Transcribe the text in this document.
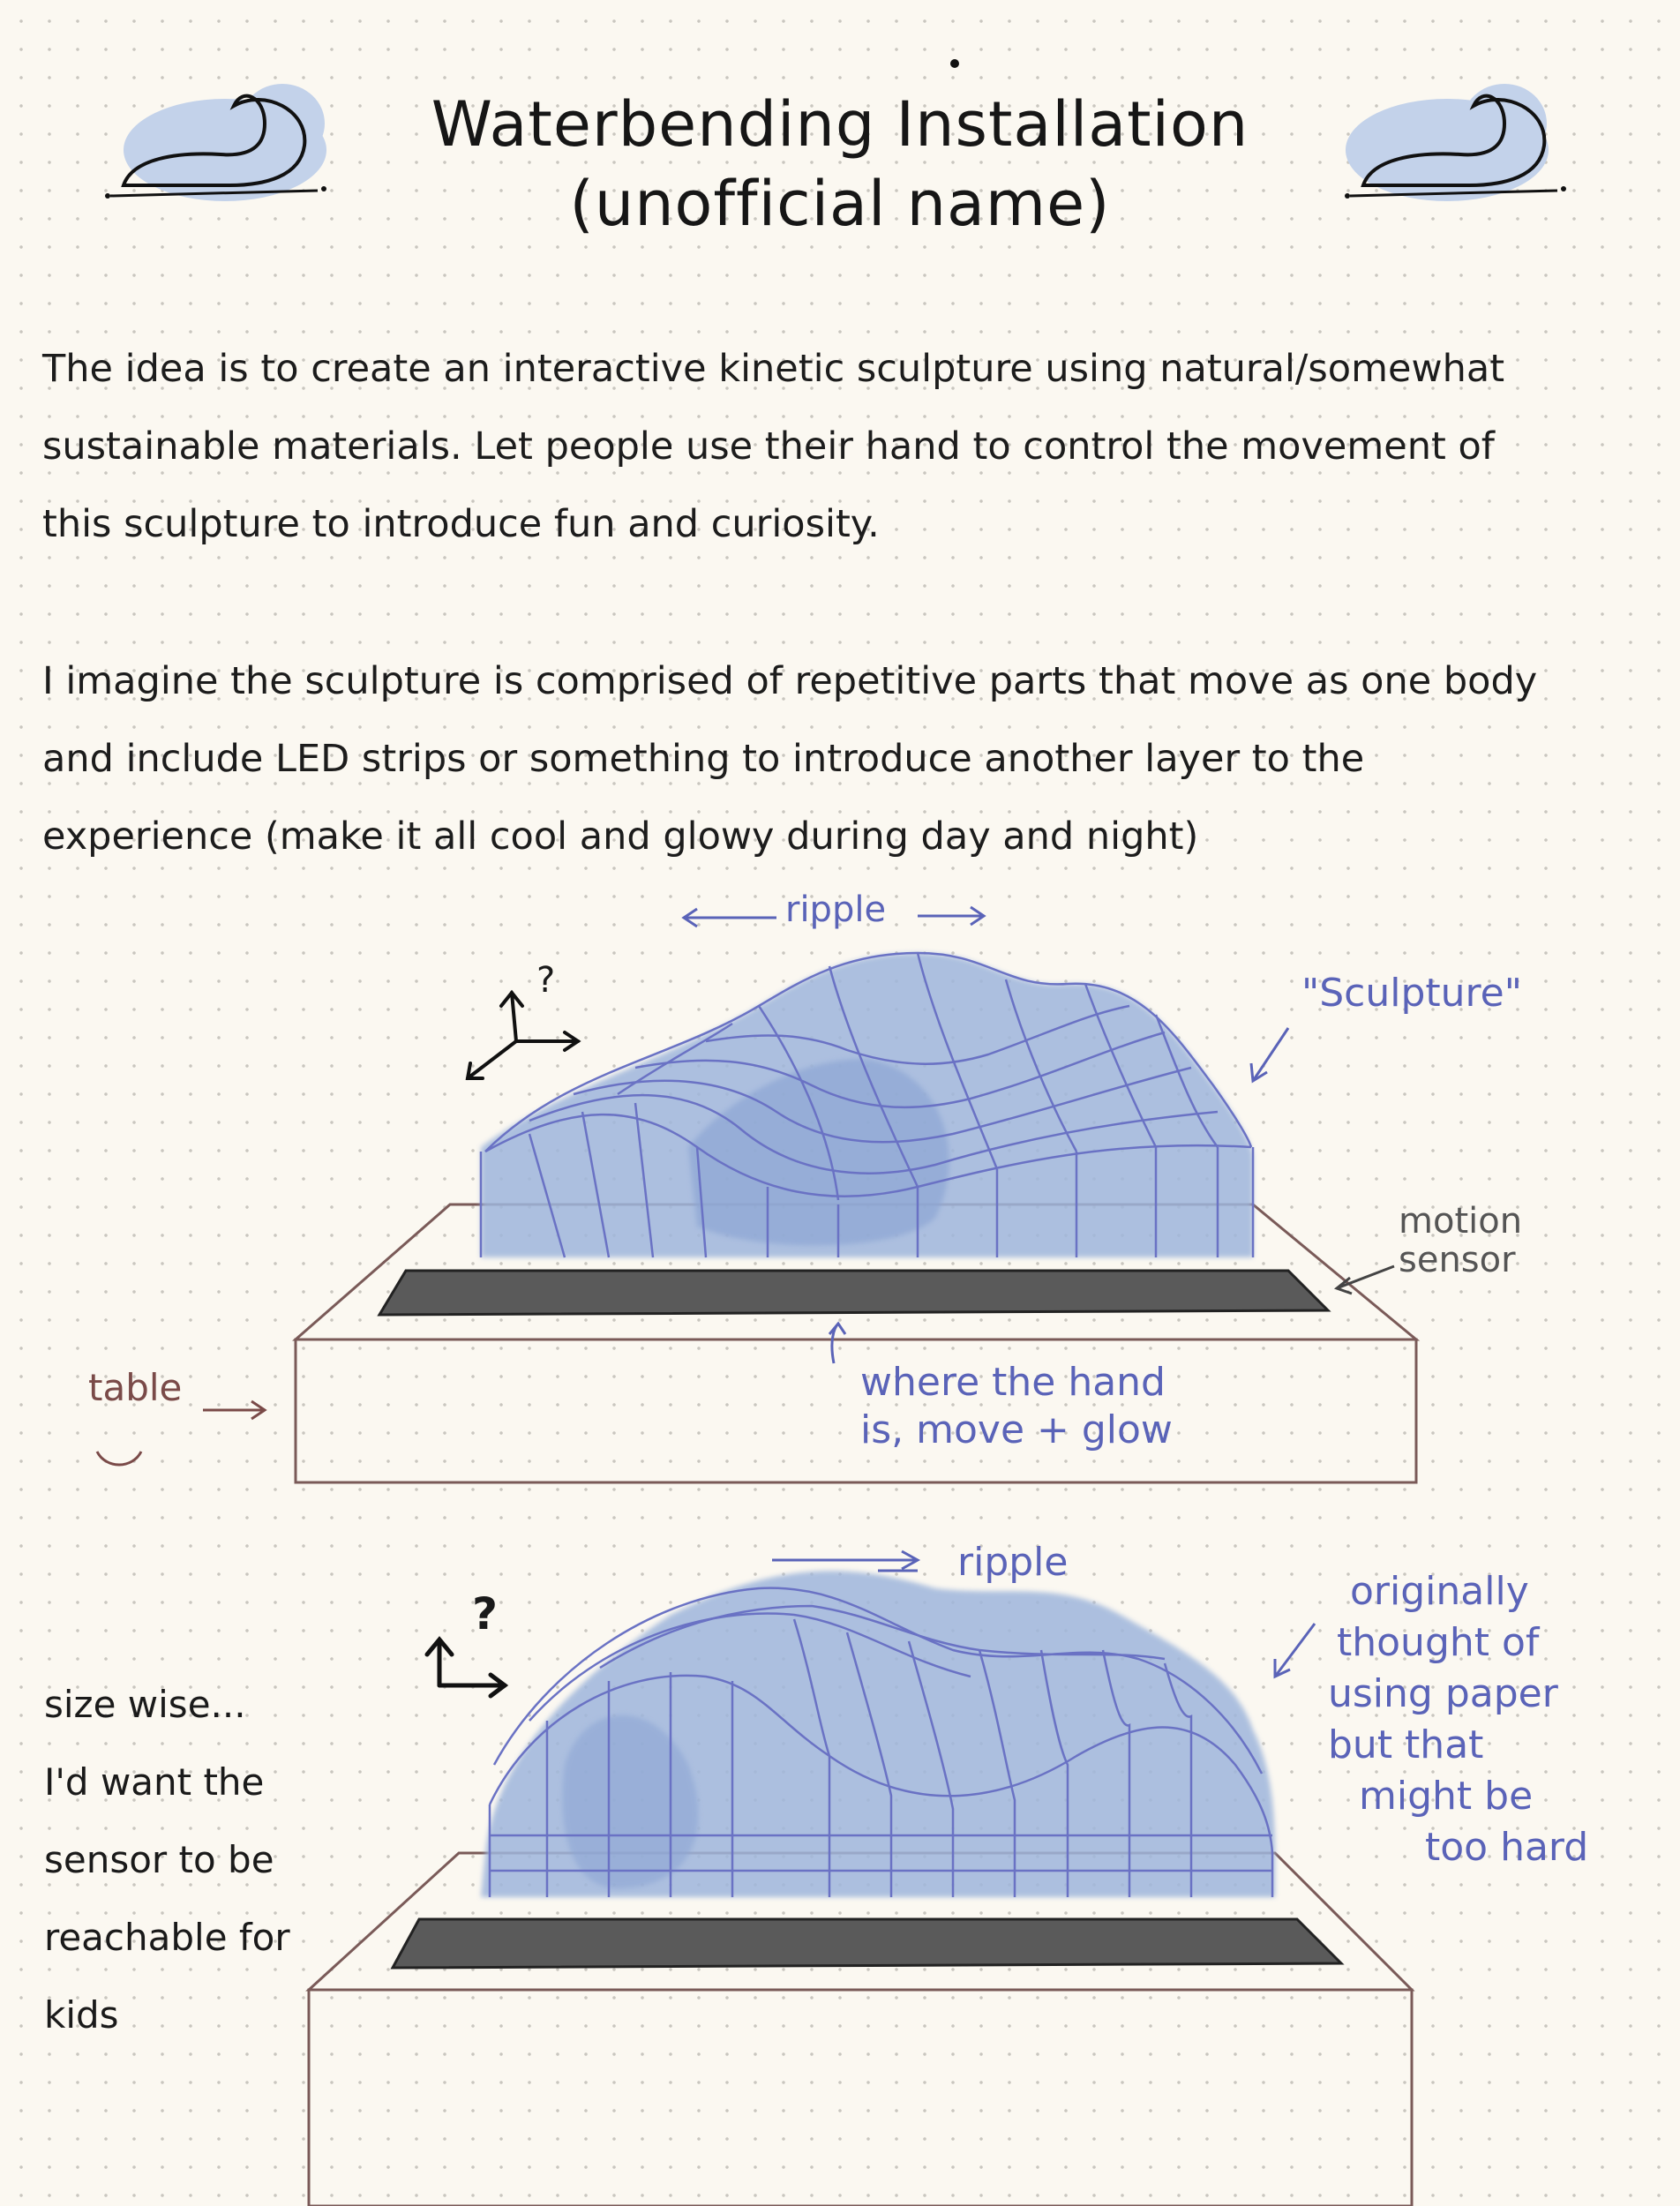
Waterbending Installation
(unofficial name)
The idea is to create an interactive kinetic sculpture using natural/somewhat
sustainable materials. Let people use their hand to control the movement of
this sculpture to introduce fun and curiosity.
I imagine the sculpture is comprised of repetitive parts that move as one body
and include LED strips or something to introduce another layer to the
experience (make it all cool and glowy during day and night)
ripple
?	"Sculpture"
motion
sensor
where the hand
is, move + glow
table
ripple
?	originally
thought of
using paper
but that
might be
too hard
size wise...
I'd want the
sensor to be
reachable for
kids
